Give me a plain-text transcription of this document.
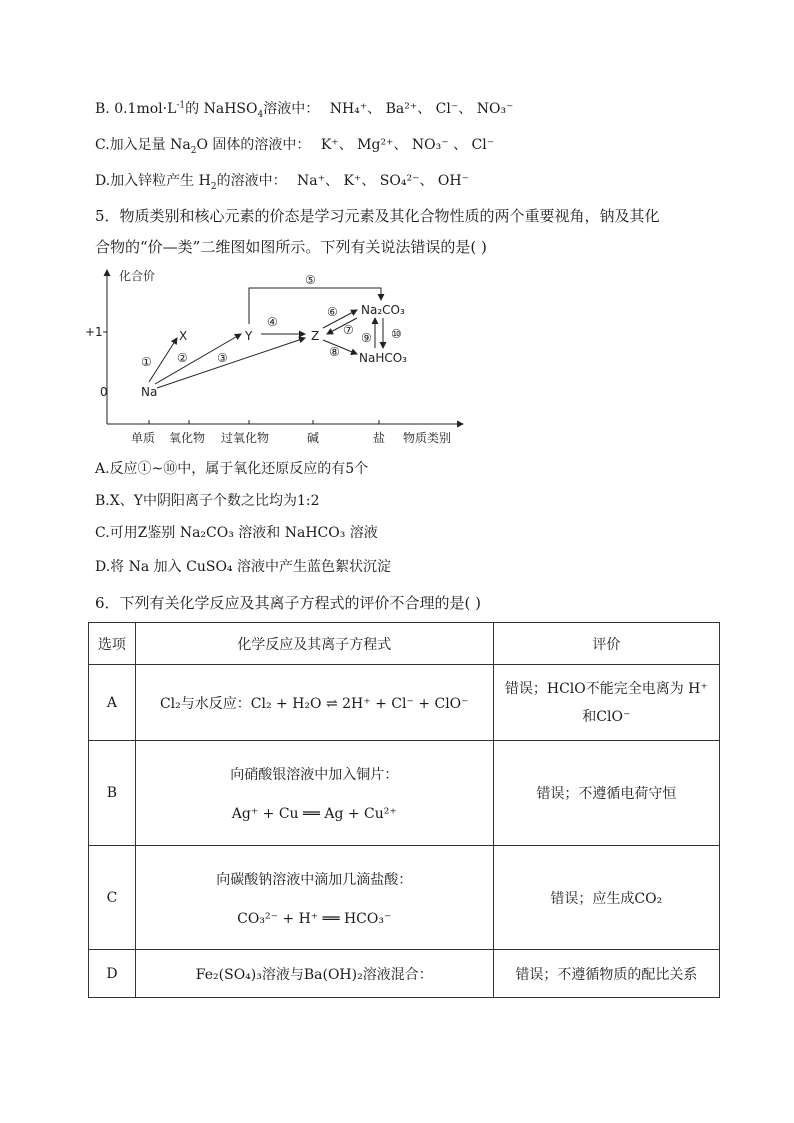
B. $0.1mol\cdot L^{-1}$的 NaHSO$_4$溶液中： NH₄⁺、 Ba²⁺、 Cl⁻、 NO₃⁻
C.加入足量 $Na_2O$ 固体的溶液中： K⁺、 Mg²⁺、 NO₃⁻ 、 Cl⁻
D.加入锌粒产生 $H_2$的溶液中： Na⁺、 K⁺、 SO₄²⁻、 OH⁻
5．物质类别和核心元素的价态是学习元素及其化合物性质的两个重要视角，钠及其化
合物的“价—类”二维图如图所示。下列有关说法错误的是( )
化合价
+1
0
单质 氧化物 过氧化物	碱	盐 物质类别
Na
X	Y	Z
Na₂CO₃
NaHCO₃
① ② ③
④
⑤
⑥
⑦
⑧
⑨ ⑩
A.反应①~⑩中，属于氧化还原反应的有5个
B.X、Y中阴阳离子个数之比均为1:2
C.可用Z鉴别 Na₂CO₃ 溶液和 NaHCO₃ 溶液
D.将 Na 加入 CuSO₄ 溶液中产生蓝色絮状沉淀
6．下列有关化学反应及其离子方程式的评价不合理的是( )
选项	化学反应及其离子方程式	评价
A	Cl₂与水反应：Cl₂ + H₂O ⇌ 2H⁺ + Cl⁻ + ClO⁻	错误；HClO不能完全电离为 H⁺和ClO⁻
B	向硝酸银溶液中加入铜片：
Ag⁺ + Cu ══ Ag + Cu²⁺	错误；不遵循电荷守恒
C	向碳酸钠溶液中滴加几滴盐酸：
CO₃²⁻ + H⁺ ══ HCO₃⁻	错误；应生成CO₂
D	Fe₂(SO₄)₃溶液与Ba(OH)₂溶液混合：	错误；不遵循物质的配比关系
